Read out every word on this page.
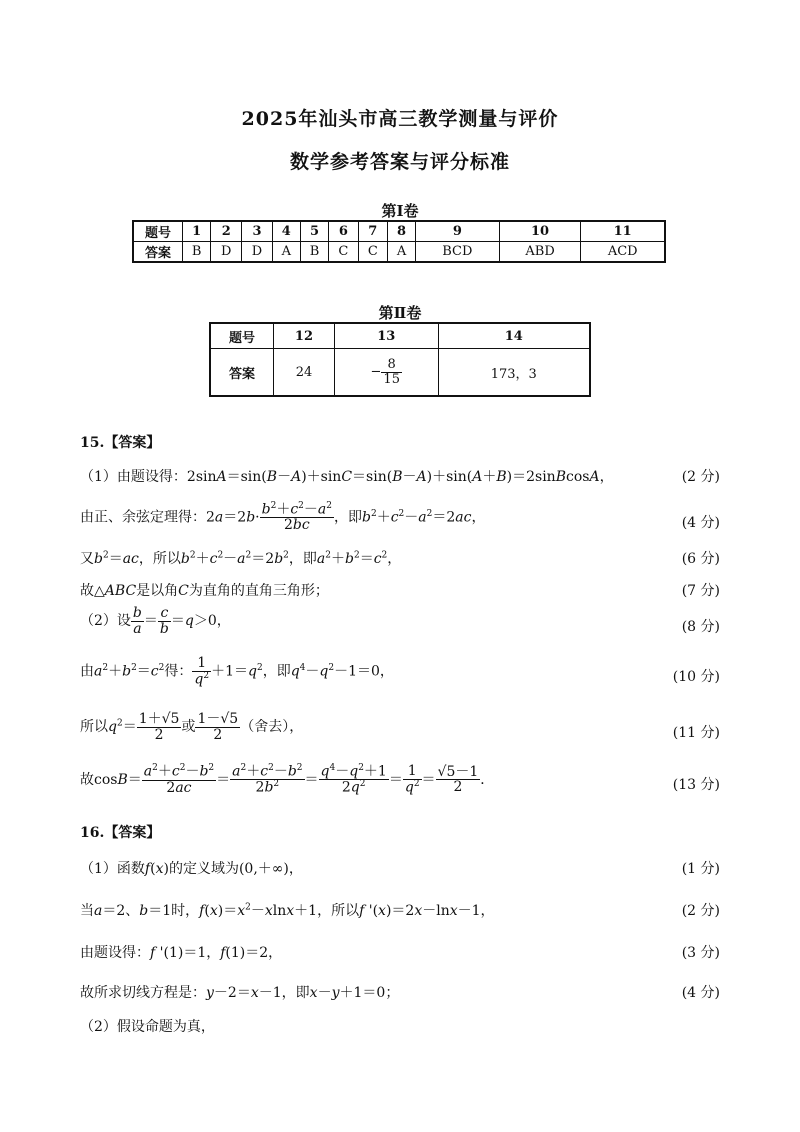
2025年汕头市高三教学测量与评价
数学参考答案与评分标准
第Ⅰ卷
题号	1	2	3	4	5	6	7	8	9	10	11
答案	B	D	D	A	B	C	C	A	BCD	ABD	ACD
第Ⅱ卷
题号	12	13	14
答案	24	− $\frac{8}{15}$	173，3
15.【答案】
（1）由题设得：2sinA＝sin(B－A)＋sinC＝sin(B－A)＋sin(A＋B)＝2sinBcosA，	(2 分)
由正、余弦定理得：$2a=2b\cdot \frac{b^2+c^2-a^2}{2bc}$ ，即$b^2+c^2-a^2=2ac$，	(4 分)
又$b^2=ac$，所以$b^2+c^2-a^2=2b^2$，即$a^2+b^2=c^2$，	(6 分)
故△ABC是以角C为直角的直角三角形；	(7 分)
（2）设 $\frac{b}{a} = \frac{c}{b} =q>0$，	(8 分)
由$a^2+b^2=c^2$得： $\frac{1}{q^2} +1=q^2$，即$q^4-q^2-1=0$，	(10 分)
所以$q^2= \frac{1+√5}{2}$ 或 $\frac{1-√5}{2}$ （舍去），	(11 分)
故$\cos B= \frac{a^2+c^2-b^2}{2ac} = \frac{a^2+c^2-b^2}{2b^2} = \frac{q^4-q^2+1}{2q^2} = \frac{1}{q^2} = \frac{√5-1}{2}$ ．	(13 分)
16.【答案】
（1）函数f(x)的定义域为(0,＋∞)，	(1 分)
当a＝2、b＝1时，$f(x)=x^2-xlnx+1$，所以f '(x)＝2x－lnx－1，	(2 分)
由题设得：f '(1)＝1，f(1)＝2，	(3 分)
故所求切线方程是：y－2＝x－1，即x－y＋1＝0；	(4 分)
（2）假设命题为真，
